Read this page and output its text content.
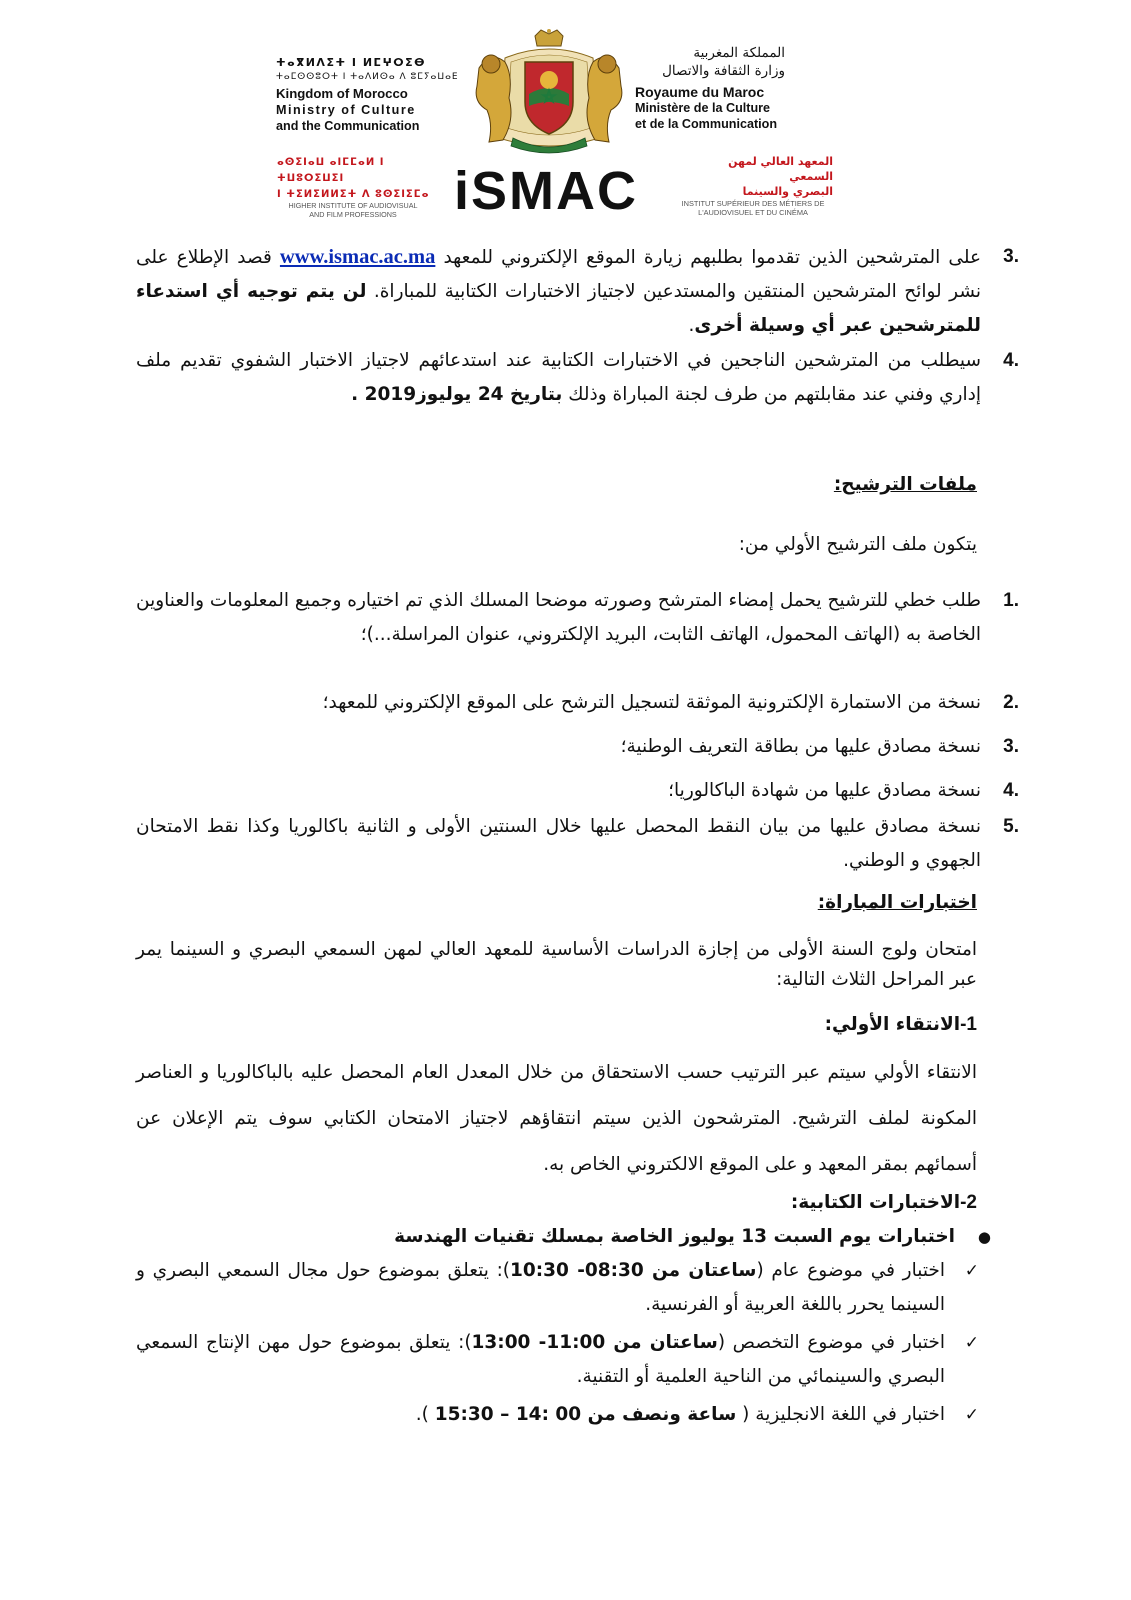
ⵜⴰⴳⵍⴷⵉⵜ ⵏ ⵍⵎⵖⵔⵉⴱ
ⵜⴰⵎⵙⵙⵓⵔⵜ ⵏ ⵜⴰⴷⵍⵙⴰ ⴷ ⵓⵎⵢⴰⵡⴰⴹ
Kingdom of Morocco
Ministry of Culture
and the Communication
المملكة المغربية
وزارة الثقافة والاتصال
Royaume du Maroc
Ministère de la Culture
et de la Communication
ⴰⵙⵉⵏⴰⵡ ⴰⵏⵎⵎⴰⵍ ⵏ ⵜⵡⵓⵔⵉⵡⵉⵏ
ⵏ ⵜⵉⵍⵉⵍⵍⵉⵜ ⴷ ⵓⵙⵉⵏⵉⵎⴰ
المعهد العالي لمهن السمعي
البصري والسينما
iSMAC
HIGHER INSTITUTE OF AUDIOVISUAL
AND FILM PROFESSIONS
INSTITUT SUPÉRIEUR DES MÉTIERS DE
L'AUDIOVISUEL ET DU CINÉMA
3.
على المترشحين الذين تقدموا بطلبهم زيارة الموقع الإلكتروني للمعهد www.ismac.ac.ma قصد الإطلاع على نشر لوائح المترشحين المنتقين والمستدعين لاجتياز الاختبارات الكتابية للمباراة. لن يتم توجيه أي استدعاء للمترشحين عبر أي وسيلة أخرى.
4.
سيطلب من المترشحين الناجحين في الاختبارات الكتابية عند استدعائهم لاجتياز الاختبار الشفوي تقديم ملف إداري وفني عند مقابلتهم من طرف لجنة المباراة وذلك بتاريخ 24 يوليوز2019 .
ملفات الترشيح:
يتكون ملف الترشيح الأولي من:
1.
طلب خطي للترشيح يحمل إمضاء المترشح وصورته موضحا المسلك الذي تم اختياره وجميع المعلومات والعناوين الخاصة به (الهاتف المحمول، الهاتف الثابت، البريد الإلكتروني، عنوان المراسلة...)؛
2.
نسخة من الاستمارة الإلكترونية الموثقة لتسجيل الترشح على الموقع الإلكتروني للمعهد؛
3.
نسخة مصادق عليها من بطاقة التعريف الوطنية؛
4.
نسخة مصادق عليها من شهادة الباكالوريا؛
5.
نسخة مصادق عليها من بيان النقط المحصل عليها خلال السنتين الأولى و الثانية باكالوريا وكذا نقط الامتحان الجهوي و الوطني.
اختبارات المباراة:
امتحان ولوج السنة الأولى من إجازة الدراسات الأساسية للمعهد العالي لمهن السمعي البصري و السينما يمر عبر المراحل الثلاث التالية:
1-الانتقاء الأولي:
الانتقاء الأولي سيتم عبر الترتيب حسب الاستحقاق من خلال المعدل العام المحصل عليه بالباكالوريا و العناصر المكونة لملف الترشيح. المترشحون الذين سيتم انتقاؤهم لاجتياز الامتحان الكتابي سوف يتم الإعلان عن أسمائهم بمقر المعهد و على الموقع الالكتروني الخاص به.
2-الاختبارات الكتابية:
●
اختبارات يوم السبت 13 يوليوز الخاصة بمسلك تقنيات الهندسة
✓
اختبار في موضوع عام (ساعتان من 08:30- 10:30): يتعلق بموضوع حول مجال السمعي البصري و السينما يحرر باللغة العربية أو الفرنسية.
✓
اختبار في موضوع التخصص (ساعتان من 11:00- 13:00): يتعلق بموضوع حول مهن الإنتاج السمعي البصري والسينمائي من الناحية العلمية أو التقنية.
✓
اختبار في اللغة الانجليزية ( ساعة ونصف من 00 :14 – 15:30 ).
